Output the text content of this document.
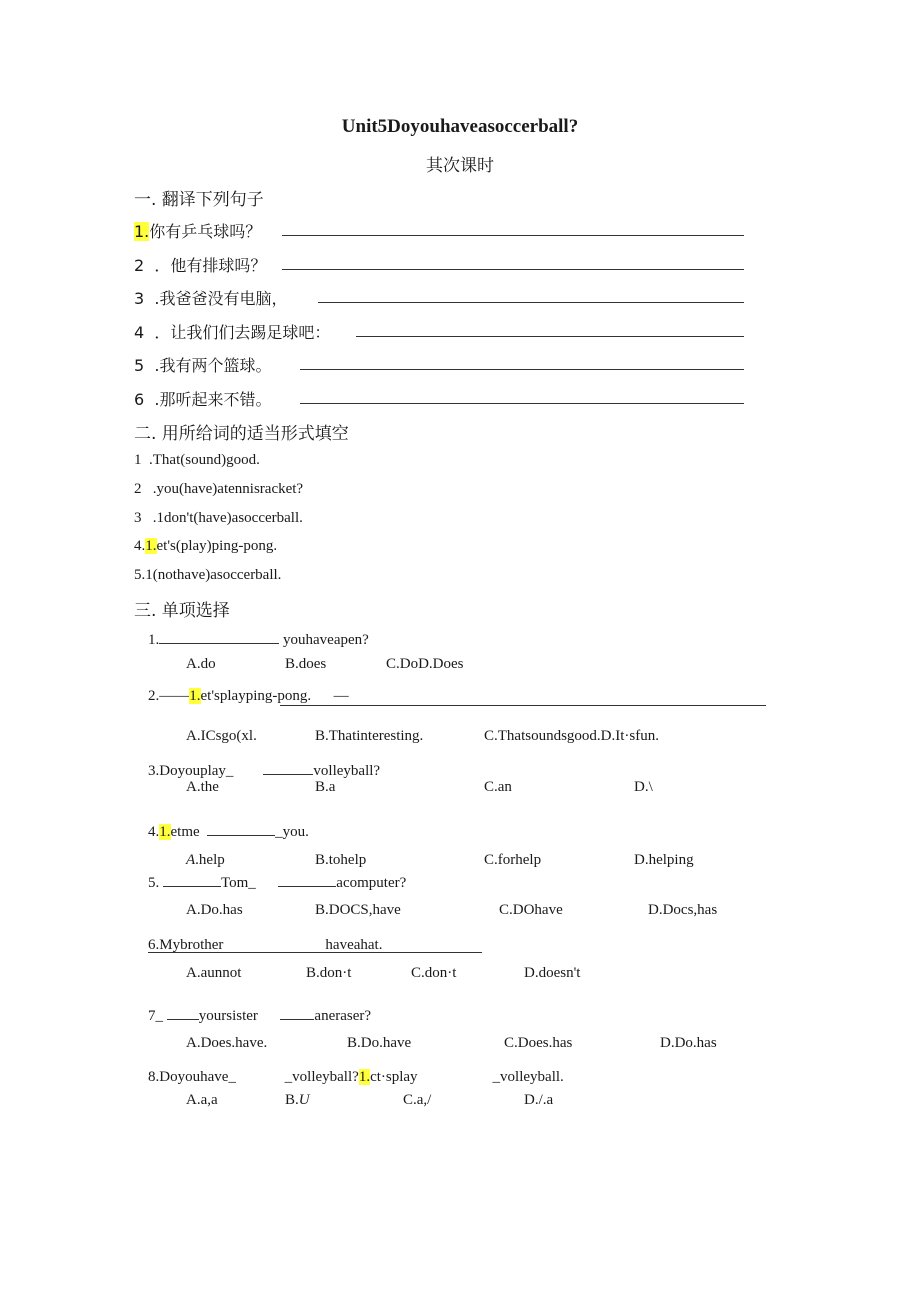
Unit5Doyouhaveasoccerball?
其次课时
一. 翻译下列句子
1.你有乒乓球吗？
2 ．他有排球吗？
3 .我爸爸没有电脑，
4 ．让我们们去踢足球吧：
5 .我有两个篮球。
6 .那听起来不错。
二. 用所给词的适当形式填空
1 .That(sound)good.
2 .you(have)atennisracket?
3 .1don't(have)asoccerball.
4.1.et's(play)ping-pong.
5.1(nothave)asoccerball.
三. 单项选择
1.	youhaveapen?
A.do	B.does	C.DoD.Does
2.——1.et'splayping-pong. —
A.ICsgo(xl.	B.Thatinteresting.	C.Thatsoundsgood.D.It·sfun.
3.Doyouplay_	volleyball?
A.the	B.a	C.an	D.\
4.1.etme	_you.
A.help	B.tohelp	C.forhelp	D.helping
5.	Tom_	acomputer?
A.Do.has	B.DOCS,have	C.DOhave	D.Docs,has
6.Mybrother	haveahat.
A.aunnot	B.don·t	C.don·t	D.doesn't
7_ yoursister	aneraser?
A.Does.have.	B.Do.have	C.Does.has	D.Do.has
8.Doyouhave_	_volleyball?1.ct·splay	_volleyball.
A.a,a	B.U	C.a,/	D./.a
